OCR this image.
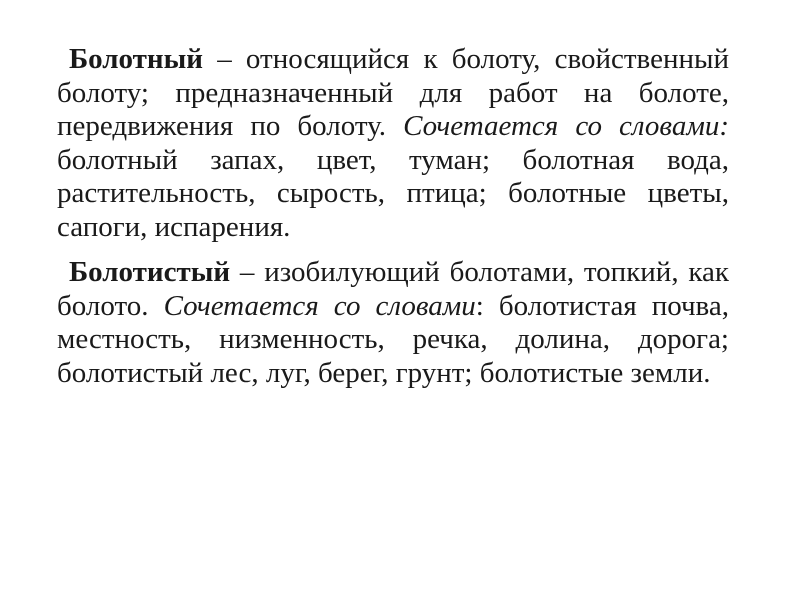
Болотный – относящийся к болоту, свойственный болоту; предназначенный для работ на болоте, передвижения по болоту. Сочетается со словами: болотный запах, цвет, туман; болотная вода, растительность, сырость, птица; болотные цветы, сапоги, испарения.

Болотистый – изобилующий болотами, топкий, как болото. Сочетается со словами: болотистая почва, местность, низменность, речка, долина, дорога; болотистый лес, луг, берег, грунт; болотистые земли.
